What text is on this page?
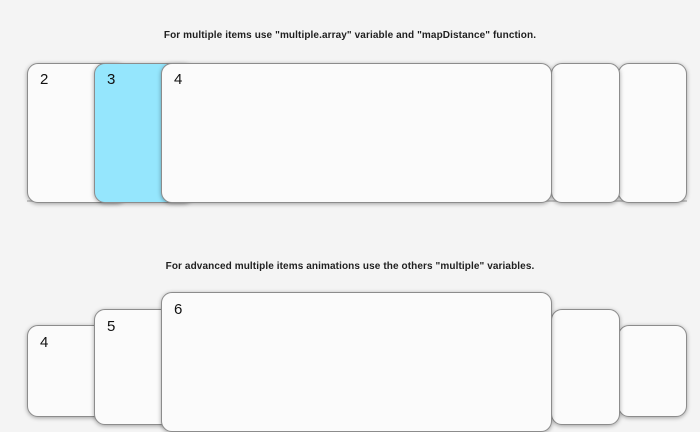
For multiple items use "multiple.array" variable and "mapDistance" function.
2	3	4
For advanced multiple items animations use the others "multiple" variables.
4
5
6
